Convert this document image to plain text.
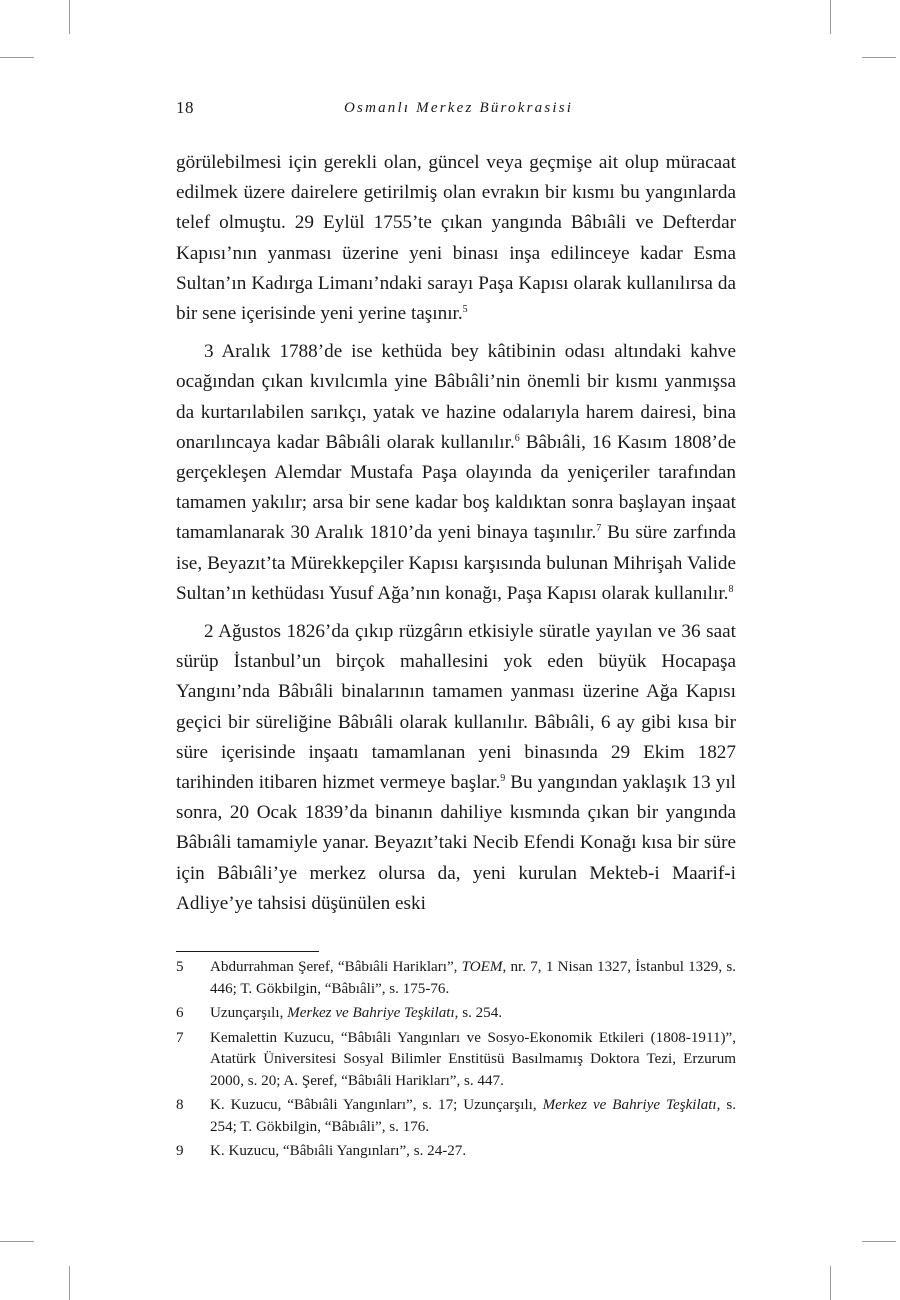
18	Osmanlı Merkez Bürokrasisi

görülebilmesi için gerekli olan, güncel veya geçmişe ait olup müracaat edilmek üzere dairelere getirilmiş olan evrakın bir kısmı bu yangınlarda telef olmuştu. 29 Eylül 1755’te çıkan yangında Bâbıâli ve Defterdar Kapısı’nın yanması üzerine yeni binası inşa edilinceye kadar Esma Sultan’ın Kadırga Limanı’ndaki sarayı Paşa Kapısı olarak kullanılırsa da bir sene içerisinde yeni yerine taşınır.$^5$

3 Aralık 1788’de ise kethüda bey kâtibinin odası altındaki kahve ocağından çıkan kıvılcımla yine Bâbıâli’nin önemli bir kısmı yanmışsa da kurtarılabilen sarıkçı, yatak ve hazine odalarıyla harem dairesi, bina onarılıncaya kadar Bâbıâli olarak kullanılır.$^6$ Bâbıâli, 16 Kasım 1808’de gerçekleşen Alemdar Mustafa Paşa olayında da yeniçeriler tarafından tamamen yakılır; arsa bir sene kadar boş kaldıktan sonra başlayan inşaat tamamlanarak 30 Aralık 1810’da yeni binaya taşınılır.$^7$ Bu süre zarfında ise, Beyazıt’ta Mürekkepçiler Kapısı karşısında bulunan Mihrişah Valide Sultan’ın kethüdası Yusuf Ağa’nın konağı, Paşa Kapısı olarak kullanılır.$^8$

2 Ağustos 1826’da çıkıp rüzgârın etkisiyle süratle yayılan ve 36 saat sürüp İstanbul’un birçok mahallesini yok eden büyük Hocapaşa Yangını’nda Bâbıâli binalarının tamamen yanması üzerine Ağa Kapısı geçici bir süreliğine Bâbıâli olarak kullanılır. Bâbıâli, 6 ay gibi kısa bir süre içerisinde inşaatı tamamlanan yeni binasında 29 Ekim 1827 tarihinden itibaren hizmet vermeye başlar.$^9$ Bu yangından yaklaşık 13 yıl sonra, 20 Ocak 1839’da binanın dahiliye kısmında çıkan bir yangında Bâbıâli tamamiyle yanar. Beyazıt’taki Necib Efendi Konağı kısa bir süre için Bâbıâli’ye merkez olursa da, yeni kurulan Mekteb-i Maarif-i Adliye’ye tahsisi düşünülen eski

5	Abdurrahman Şeref, “Bâbıâli Harikları”, TOEM, nr. 7, 1 Nisan 1327, İstanbul 1329, s. 446; T. Gökbilgin, “Bâbıâli”, s. 175-76.
6	Uzunçarşılı, Merkez ve Bahriye Teşkilatı, s. 254.
7	Kemalettin Kuzucu, “Bâbıâli Yangınları ve Sosyo-Ekonomik Etkileri (1808-1911)”, Atatürk Üniversitesi Sosyal Bilimler Enstitüsü Basılmamış Doktora Tezi, Erzurum 2000, s. 20; A. Şeref, “Bâbıâli Harikları”, s. 447.
8	K. Kuzucu, “Bâbıâli Yangınları”, s. 17; Uzunçarşılı, Merkez ve Bahriye Teşkilatı, s. 254; T. Gökbilgin, “Bâbıâli”, s. 176.
9	K. Kuzucu, “Bâbıâli Yangınları”, s. 24-27.
